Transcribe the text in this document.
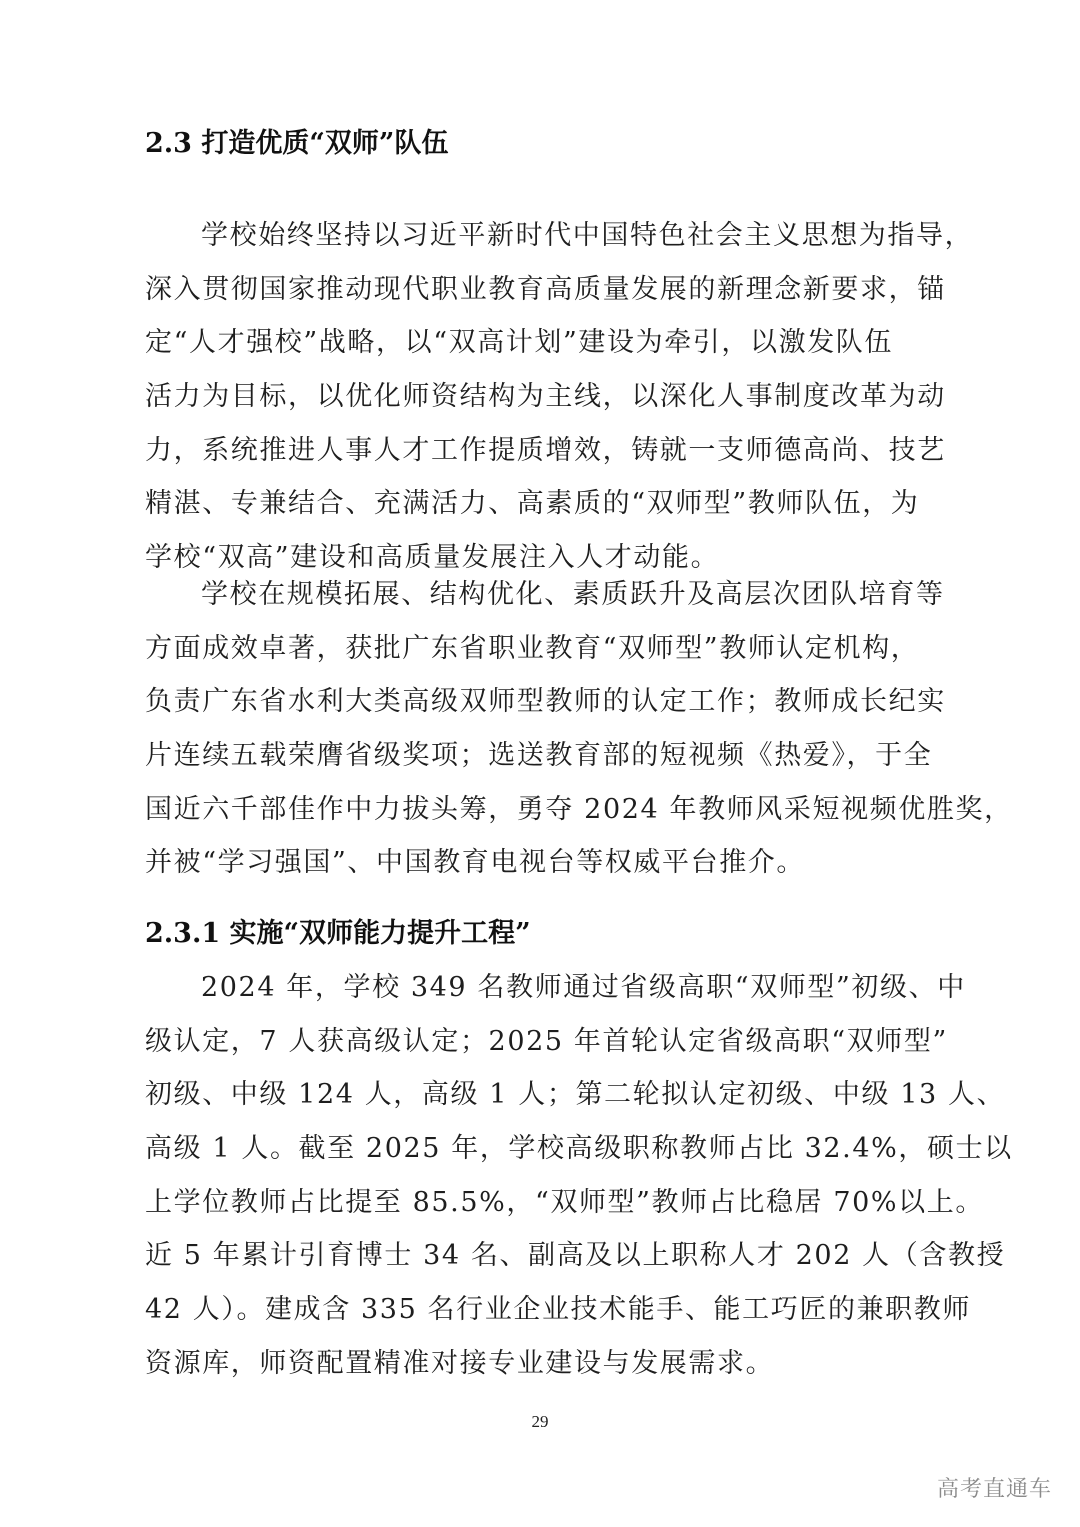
2.3 打造优质“双师”队伍
学校始终坚持以习近平新时代中国特色社会主义思想为指导，
深入贯彻国家推动现代职业教育高质量发展的新理念新要求，锚
定“人才强校”战略，以“双高计划”建设为牵引，以激发队伍
活力为目标，以优化师资结构为主线，以深化人事制度改革为动
力，系统推进人事人才工作提质增效，铸就一支师德高尚、技艺
精湛、专兼结合、充满活力、高素质的“双师型”教师队伍，为
学校“双高”建设和高质量发展注入人才动能。
学校在规模拓展、结构优化、素质跃升及高层次团队培育等
方面成效卓著，获批广东省职业教育“双师型”教师认定机构，
负责广东省水利大类高级双师型教师的认定工作；教师成长纪实
片连续五载荣膺省级奖项；选送教育部的短视频《热爱》，于全
国近六千部佳作中力拔头筹，勇夺 2024 年教师风采短视频优胜奖，
并被“学习强国”、中国教育电视台等权威平台推介。
2.3.1 实施“双师能力提升工程”
2024 年，学校 349 名教师通过省级高职“双师型”初级、中
级认定，7 人获高级认定；2025 年首轮认定省级高职“双师型”
初级、中级 124 人，高级 1 人；第二轮拟认定初级、中级 13 人、
高级 1 人。截至 2025 年，学校高级职称教师占比 32.4%，硕士以
上学位教师占比提至 85.5%，“双师型”教师占比稳居 70%以上。
近 5 年累计引育博士 34 名、副高及以上职称人才 202 人（含教授
42 人）。建成含 335 名行业企业技术能手、能工巧匠的兼职教师
资源库，师资配置精准对接专业建设与发展需求。
29
高考直通车
